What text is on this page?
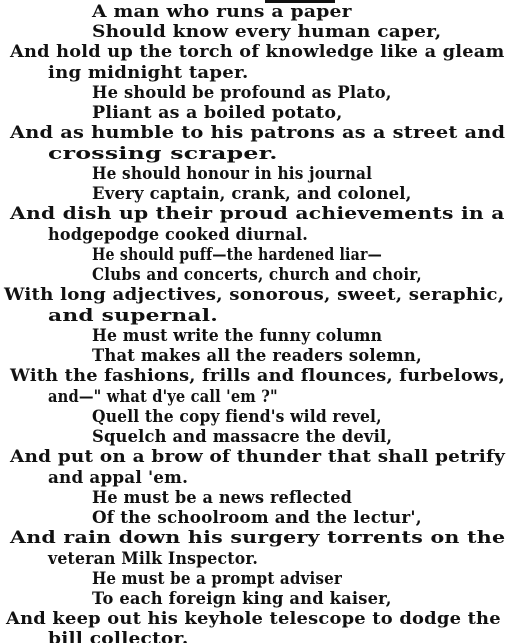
A man who runs a paper
Should know every human caper,
And hold up the torch of knowledge like a gleam
ing midnight taper.
He should be profound as Plato,
Pliant as a boiled potato,
And as humble to his patrons as a street and
crossing scraper.
He should honour in his journal
Every captain, crank, and colonel,
And dish up their proud achievements in a
hodgepodge cooked diurnal.
He should puff—the hardened liar—
Clubs and concerts, church and choir,
With long adjectives, sonorous, sweet, seraphic,
and supernal.
He must write the funny column
That makes all the readers solemn,
With the fashions, frills and flounces, furbelows,
and—" what d'ye call 'em ?"
Quell the copy fiend's wild revel,
Squelch and massacre the devil,
And put on a brow of thunder that shall petrify
and appal 'em.
He must be a news reflected
Of the schoolroom and the lectur',
And rain down his surgery torrents on the
veteran Milk Inspector.
He must be a prompt adviser
To each foreign king and kaiser,
And keep out his keyhole telescope to dodge the
bill collector.
